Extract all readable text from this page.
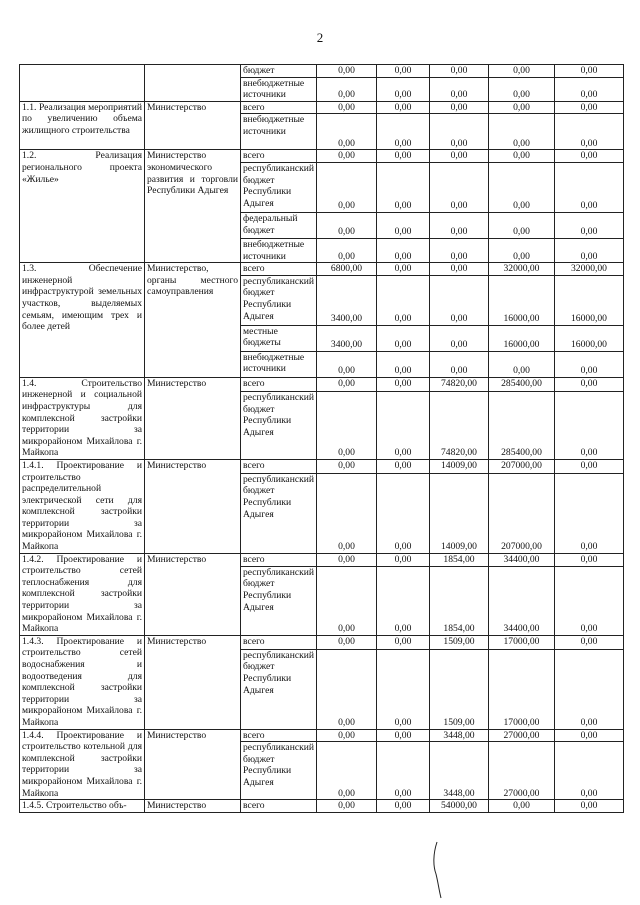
2
		бюджет	0,00	0,00	0,00	0,00	0,00
		внебюджетные источники	0,00	0,00	0,00	0,00	0,00
1.1. Реализация мероприятий по увеличению объема жилищного строительства	Министерство	всего	0,00	0,00	0,00	0,00	0,00
		внебюджетные источники	0,00	0,00	0,00	0,00	0,00
1.2. Реализация регионального проекта «Жилье»	Министерство экономического развития и торговли Республики Адыгея	всего	0,00	0,00	0,00	0,00	0,00
		республиканский бюджет Республики Адыгея	0,00	0,00	0,00	0,00	0,00
		федеральный бюджет	0,00	0,00	0,00	0,00	0,00
		внебюджетные источники	0,00	0,00	0,00	0,00	0,00
1.3. Обеспечение инженерной инфраструктурой земельных участков, выделяемых семьям, имеющим трех и более детей	Министерство, органы местного самоуправления	всего	6800,00	0,00	0,00	32000,00	32000,00
		республиканский бюджет Республики Адыгея	3400,00	0,00	0,00	16000,00	16000,00
		местные бюджеты	3400,00	0,00	0,00	16000,00	16000,00
		внебюджетные источники	0,00	0,00	0,00	0,00	0,00
1.4. Строительство инженерной и социальной инфраструктуры для комплексной застройки территории за микрорайоном Михайлова г. Майкопа	Министерство	всего	0,00	0,00	74820,00	285400,00	0,00
		республиканский бюджет Республики Адыгея	0,00	0,00	74820,00	285400,00	0,00
1.4.1. Проектирование и строительство распределительной электрической сети для комплексной застройки территории за микрорайоном Михайлова г. Майкопа	Министерство	всего	0,00	0,00	14009,00	207000,00	0,00
		республиканский бюджет Республики Адыгея	0,00	0,00	14009,00	207000,00	0,00
1.4.2. Проектирование и строительство сетей теплоснабжения для комплексной застройки территории за микрорайоном Михайлова г. Майкопа	Министерство	всего	0,00	0,00	1854,00	34400,00	0,00
		республиканский бюджет Республики Адыгея	0,00	0,00	1854,00	34400,00	0,00
1.4.3. Проектирование и строительство сетей водоснабжения и водоотведения для комплексной застройки территории за микрорайоном Михайлова г. Майкопа	Министерство	всего	0,00	0,00	1509,00	17000,00	0,00
		республиканский бюджет Республики Адыгея	0,00	0,00	1509,00	17000,00	0,00
1.4.4. Проектирование и строительство котельной для комплексной застройки территории за микрорайоном Михайлова г. Майкопа	Министерство	всего	0,00	0,00	3448,00	27000,00	0,00
		республиканский бюджет Республики Адыгея	0,00	0,00	3448,00	27000,00	0,00
1.4.5. Строительство объ-	Министерство	всего	0,00	0,00	54000,00	0,00	0,00
